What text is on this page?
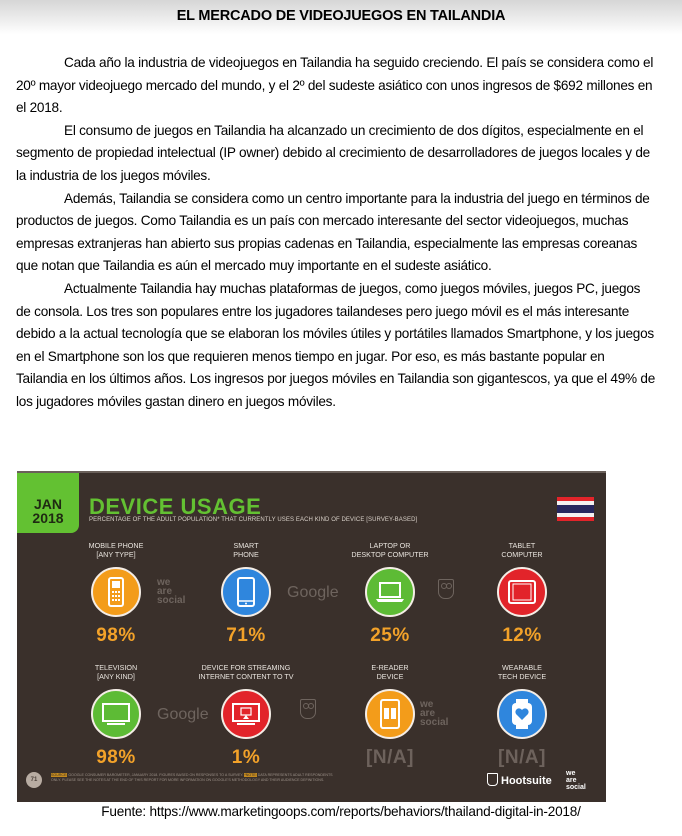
EL MERCADO DE VIDEOJUEGOS EN TAILANDIA

Cada año la industria de videojuegos en Tailandia ha seguido creciendo. El país se considera como el 20º mayor videojuego mercado del mundo, y el 2º del sudeste asiático con unos ingresos de $692 millones en el 2018.

El consumo de juegos en Tailandia ha alcanzado un crecimiento de dos dígitos, especialmente en el segmento de propiedad intelectual (IP owner) debido al crecimiento de desarrolladores de juegos locales y de la industria de los juegos móviles.

Además, Tailandia se considera como un centro importante para la industria del juego en términos de productos de juegos. Como Tailandia es un país con mercado interesante del sector videojuegos, muchas empresas extranjeras han abierto sus propias cadenas en Tailandia, especialmente las empresas coreanas que notan que Tailandia es aún el mercado muy importante en el sudeste asiático.

Actualmente Tailandia hay muchas plataformas de juegos, como juegos móviles, juegos PC, juegos de consola. Los tres son populares entre los jugadores tailandeses pero juego móvil es el más interesante debido a la actual tecnología que se elaboran los móviles útiles y portátiles llamados Smartphone, y los juegos en el Smartphone son los que requieren menos tiempo en jugar. Por eso, es más bastante popular en Tailandia en los últimos años. Los ingresos por juegos móviles en Tailandia son gigantescos, ya que el 49% de los jugadores móviles gastan dinero en juegos móviles.

JAN
2018	DEVICE USAGE
PERCENTAGE OF THE ADULT POPULATION* THAT CURRENTLY USES EACH KIND OF DEVICE [SURVEY-BASED]
MOBILE PHONE
[ANY TYPE]
98%
SMART
PHONE
71%
LAPTOP OR
DESKTOP COMPUTER
25%
TABLET
COMPUTER
12%
TELEVISION
[ANY KIND]
98%
DEVICE FOR STREAMING
INTERNET CONTENT TO TV
1%
E-READER
DEVICE
[N/A]
WEARABLE
TECH DEVICE
[N/A]
we
are
social	Google
Google
we
are
social
71
SOURCE: GOOGLE CONSUMER BAROMETER, JANUARY 2018. FIGURES BASED ON RESPONSES TO A SURVEY. *NOTE: DATA REPRESENTS ADULT RESPONDENTS
ONLY. PLEASE SEE THE NOTES AT THE END OF THIS REPORT FOR MORE INFORMATION ON GOOGLE'S METHODOLOGY AND THEIR AUDIENCE DEFINITIONS.	Hootsuite
we
are
social
Fuente: https://www.marketingoops.com/reports/behaviors/thailand-digital-in-2018/
